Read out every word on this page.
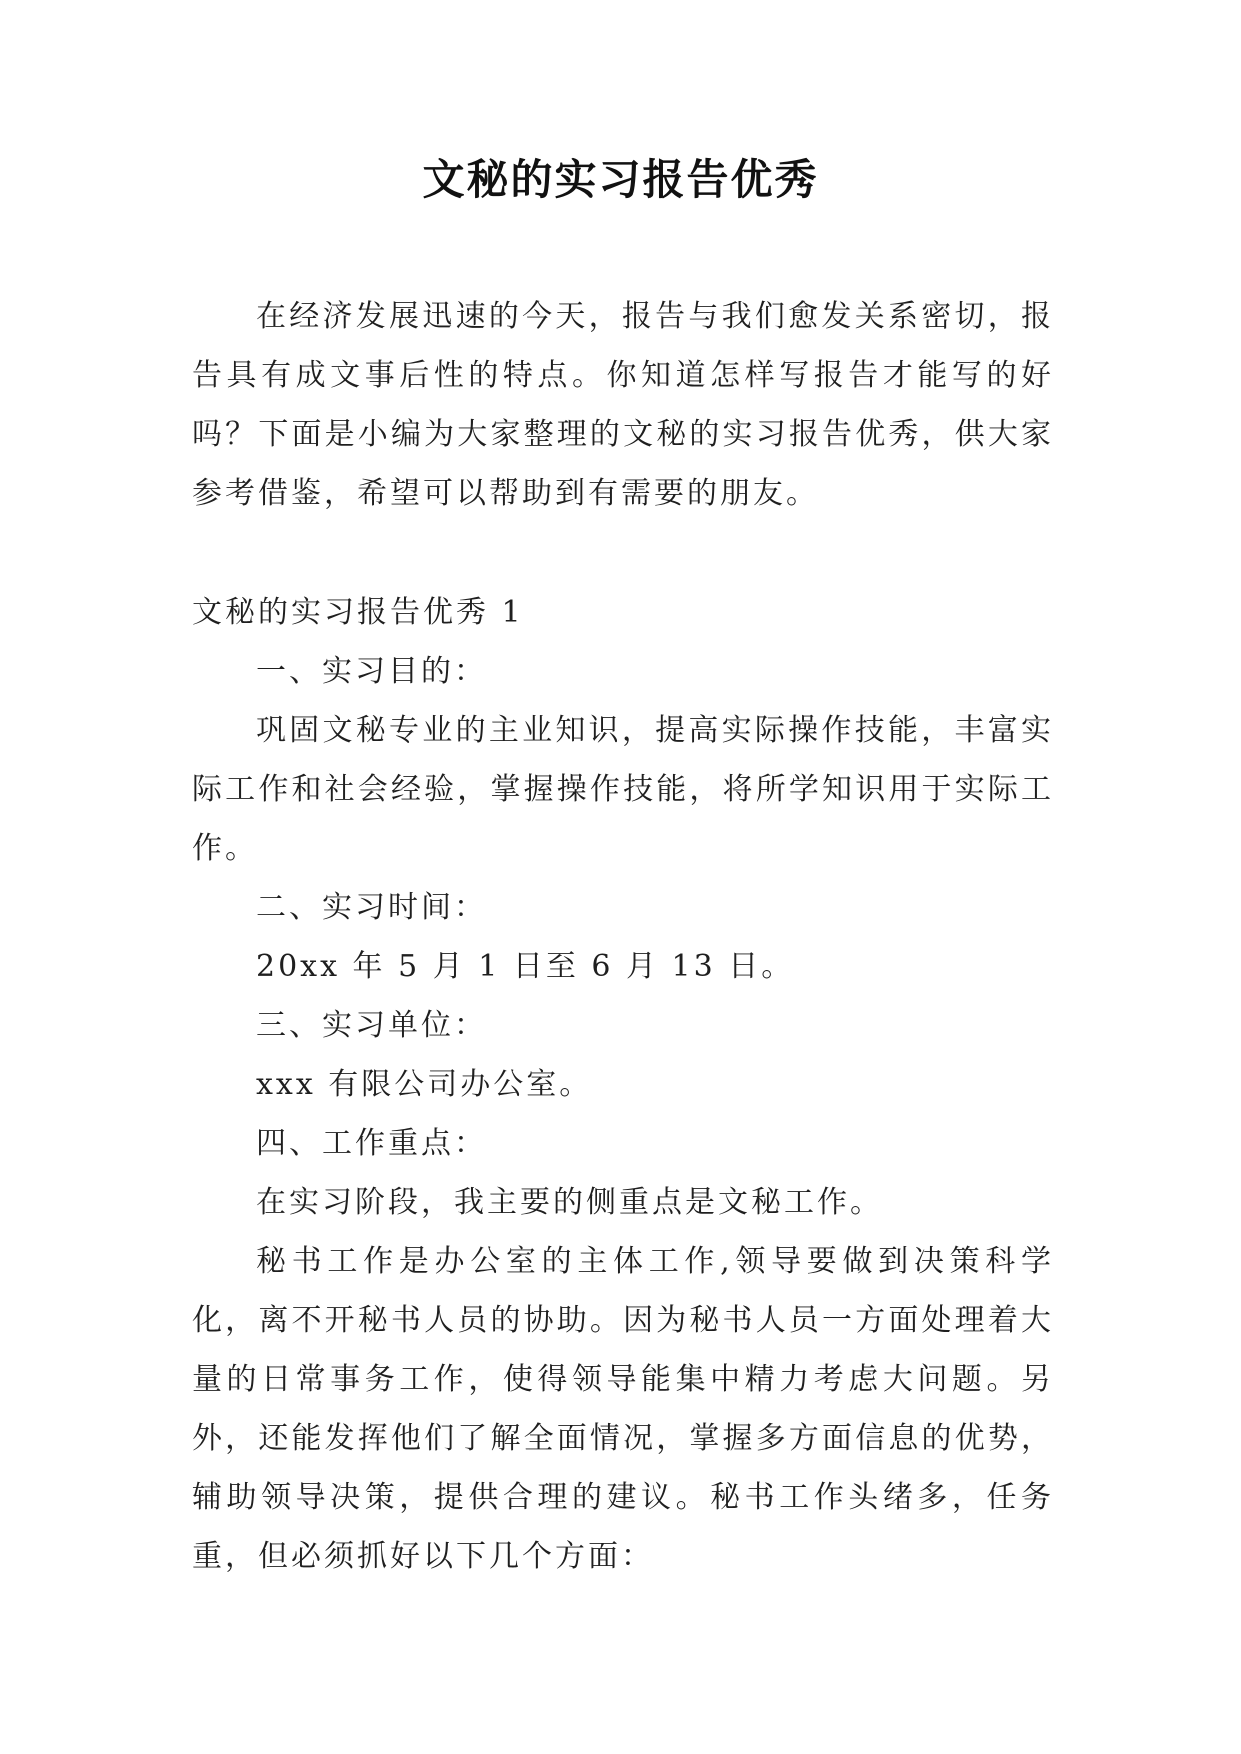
文秘的实习报告优秀

在经济发展迅速的今天，报告与我们愈发关系密切，报告具有成文事后性的特点。你知道怎样写报告才能写的好吗？下面是小编为大家整理的文秘的实习报告优秀，供大家参考借鉴，希望可以帮助到有需要的朋友。

文秘的实习报告优秀 1

一、实习目的：

巩固文秘专业的主业知识，提高实际操作技能，丰富实际工作和社会经验，掌握操作技能，将所学知识用于实际工作。

二、实习时间：

20xx 年 5 月 1 日至 6 月 13 日。

三、实习单位：

xxx 有限公司办公室。

四、工作重点：

在实习阶段，我主要的侧重点是文秘工作。

秘书工作是办公室的主体工作,领导要做到决策科学化，离不开秘书人员的协助。因为秘书人员一方面处理着大量的日常事务工作，使得领导能集中精力考虑大问题。另外，还能发挥他们了解全面情况，掌握多方面信息的优势，辅助领导决策，提供合理的建议。秘书工作头绪多，任务重，但必须抓好以下几个方面：
